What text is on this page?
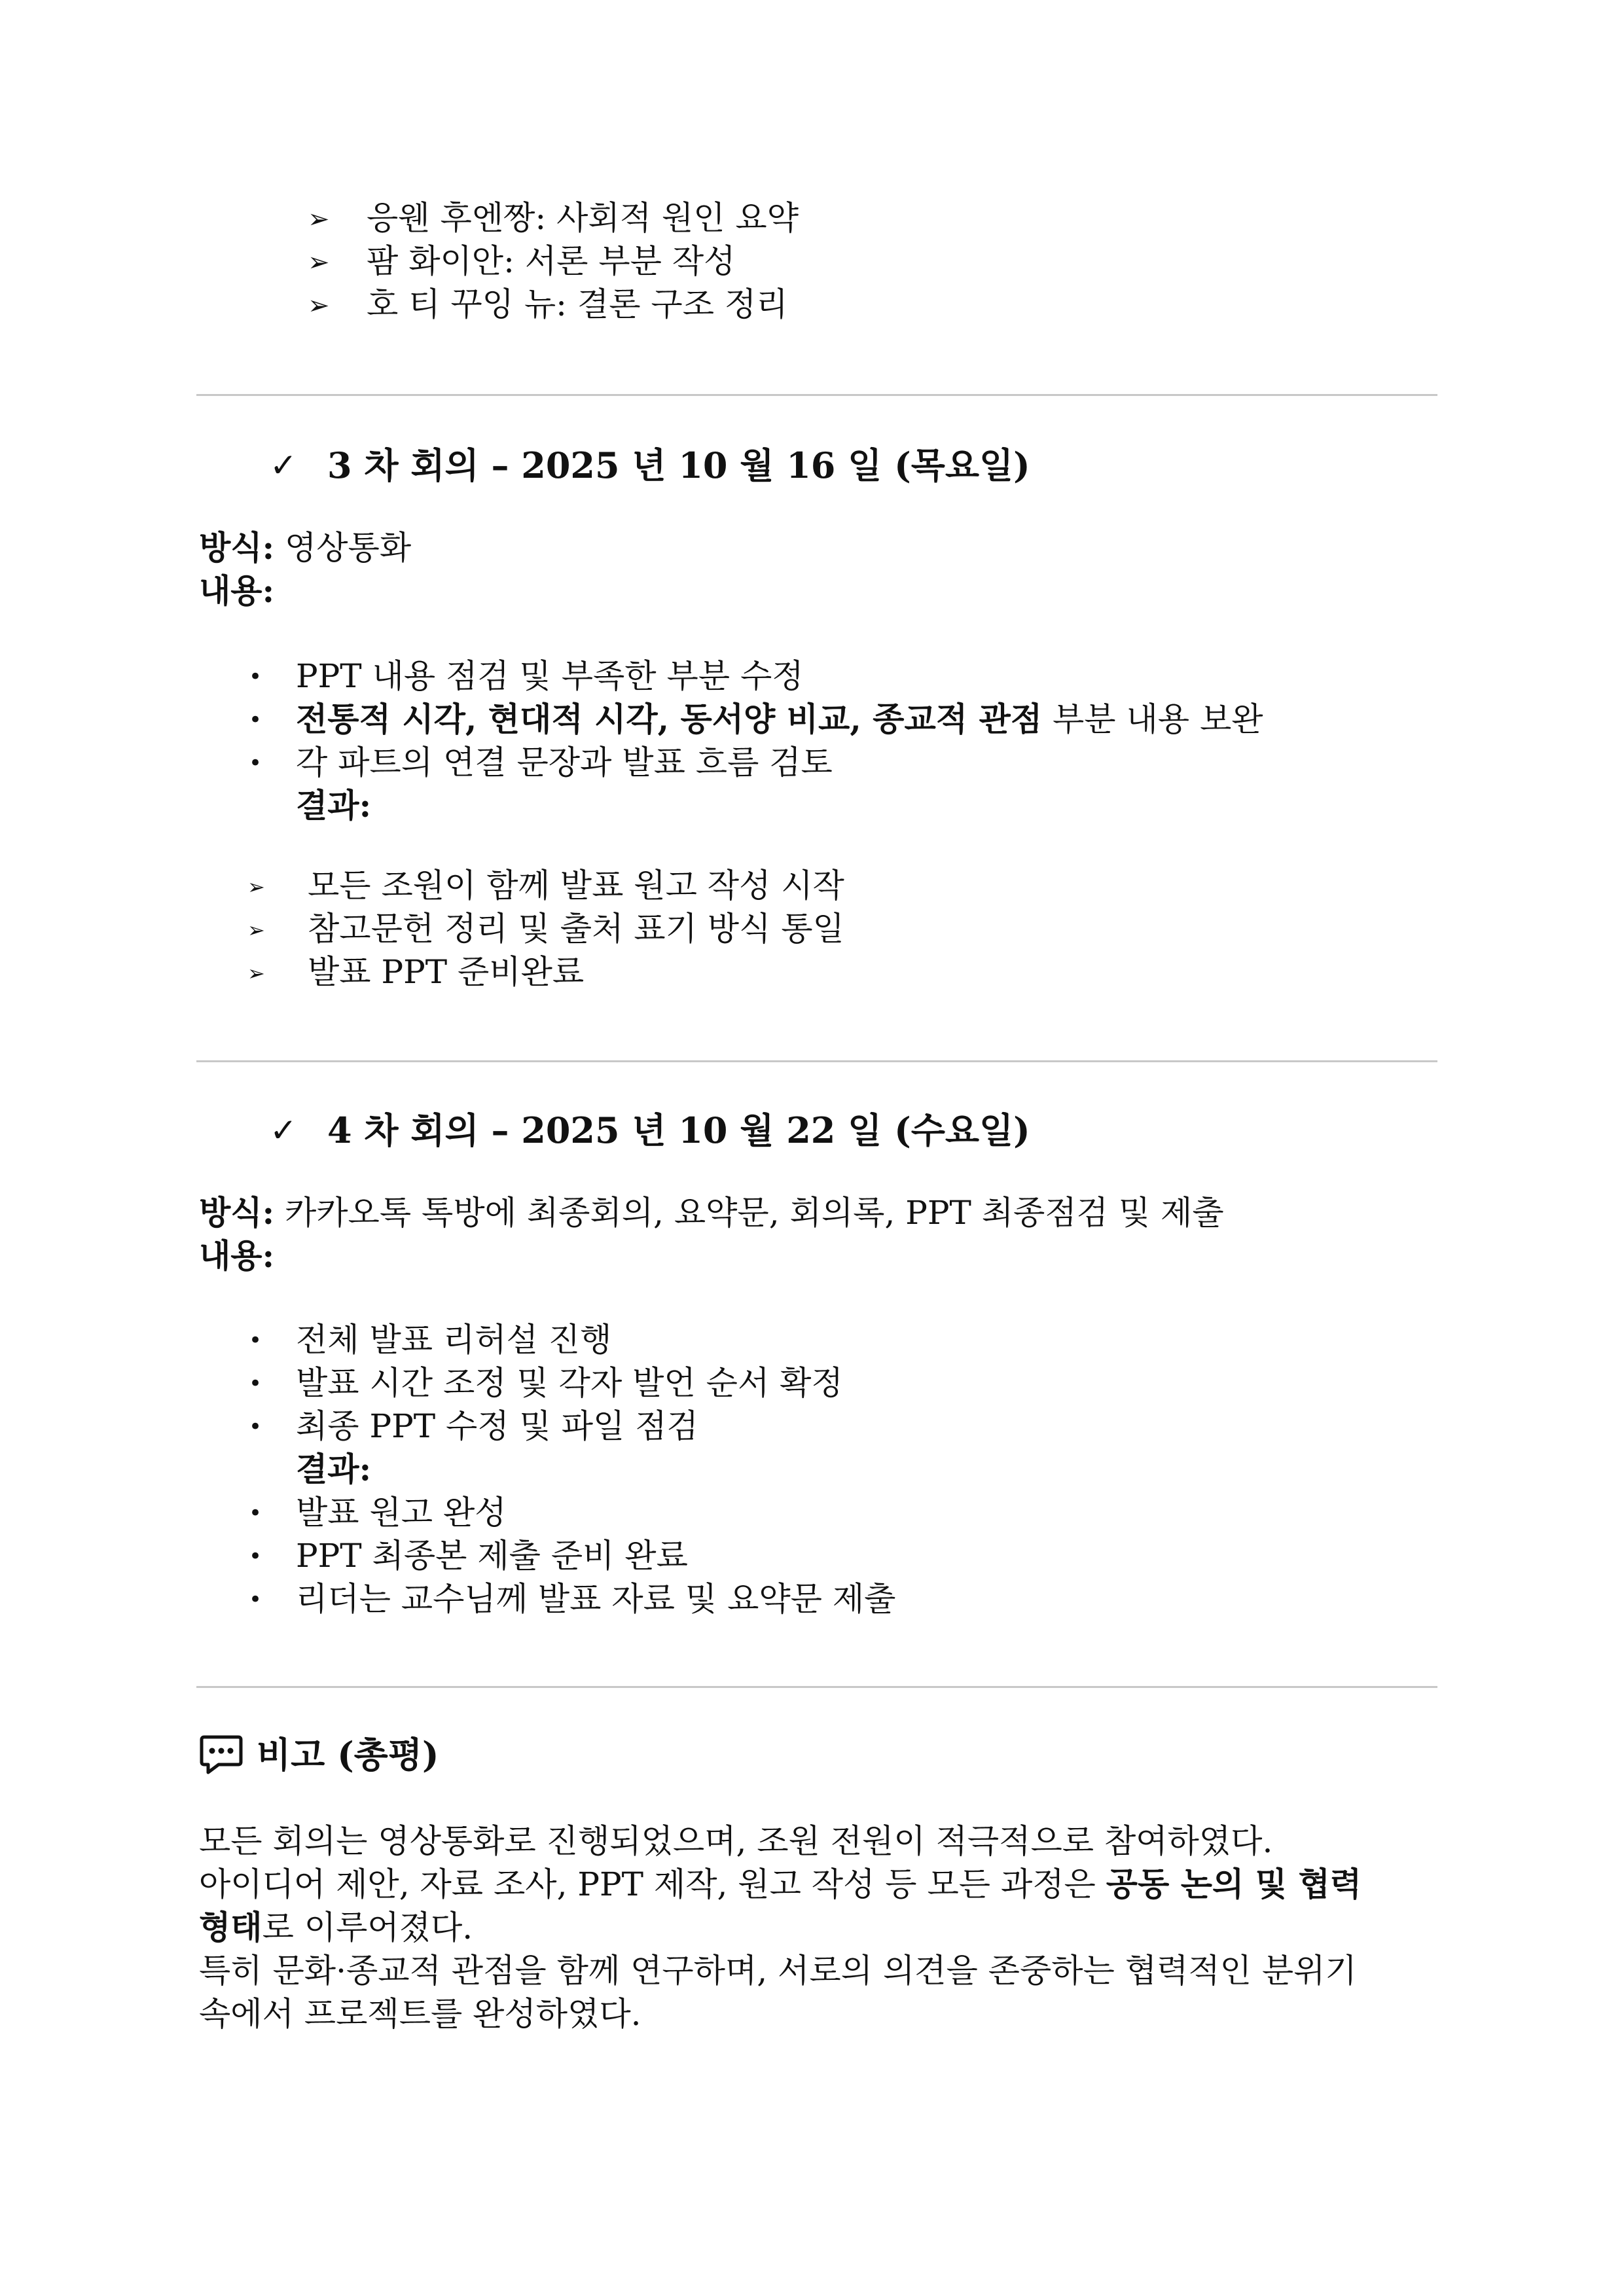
➢ 응웬 후엔짱: 사회적 원인 요약
➢ 팜 화이안: 서론 부분 작성
➢ 호 티 꾸잉 뉴: 결론 구조 정리
✓ 3 차 회의 – 2025 년 10 월 16 일 (목요일)
방식: 영상통화
내용:
• PPT 내용 점검 및 부족한 부분 수정
• 전통적 시각, 현대적 시각, 동서양 비교, 종교적 관점 부분 내용 보완
• 각 파트의 연결 문장과 발표 흐름 검토
결과:
➢ 모든 조원이 함께 발표 원고 작성 시작
➢ 참고문헌 정리 및 출처 표기 방식 통일
➢ 발표 PPT 준비완료
✓ 4 차 회의 – 2025 년 10 월 22 일 (수요일)
방식: 카카오톡 톡방에 최종회의, 요약문, 회의록, PPT 최종점검 및 제출
내용:
• 전체 발표 리허설 진행
• 발표 시간 조정 및 각자 발언 순서 확정
• 최종 PPT 수정 및 파일 점검
결과:
• 발표 원고 완성
• PPT 최종본 제출 준비 완료
• 리더는 교수님께 발표 자료 및 요약문 제출
비고 (총평)
모든 회의는 영상통화로 진행되었으며, 조원 전원이 적극적으로 참여하였다.
아이디어 제안, 자료 조사, PPT 제작, 원고 작성 등 모든 과정은 공동 논의 및 협력
형태로 이루어졌다.
특히 문화·종교적 관점을 함께 연구하며, 서로의 의견을 존중하는 협력적인 분위기
속에서 프로젝트를 완성하였다.
